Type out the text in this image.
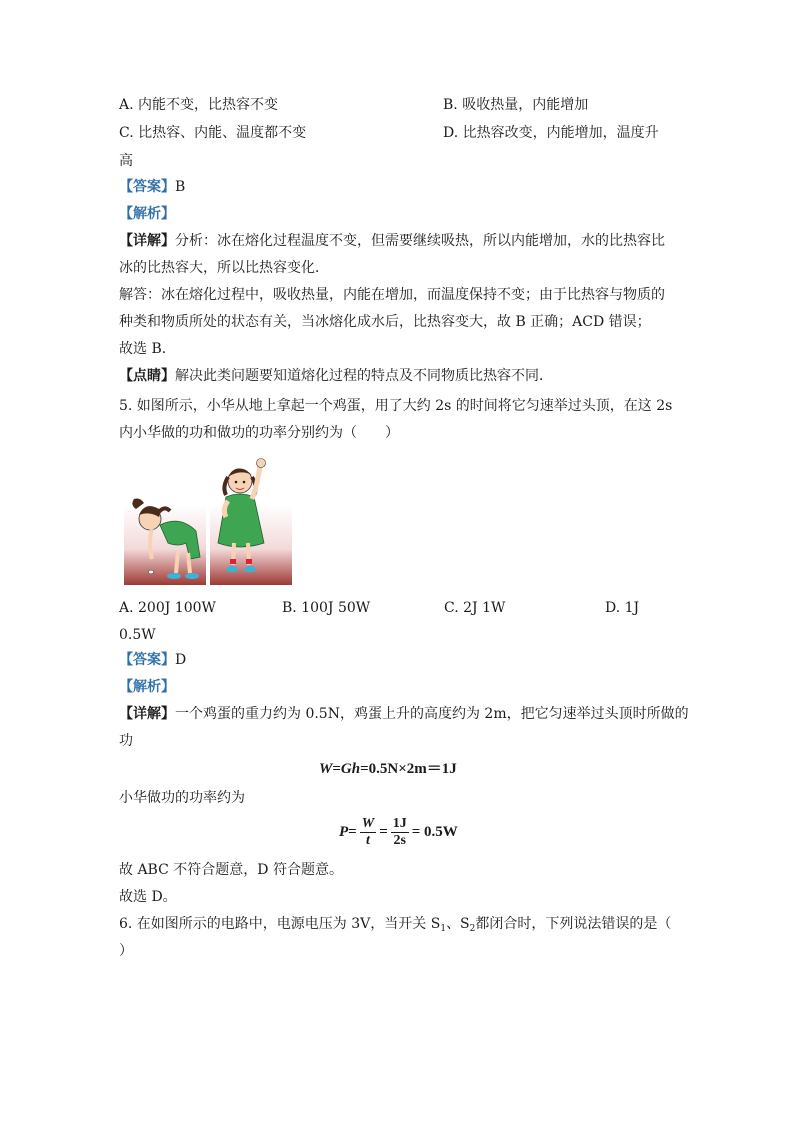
A. 内能不变，比热容不变	B. 吸收热量，内能增加
C. 比热容、内能、温度都不变	D. 比热容改变，内能增加，温度升
高
【答案】B
【解析】
【详解】分析：冰在熔化过程温度不变，但需要继续吸热，所以内能增加，水的比热容比
冰的比热容大，所以比热容变化．
解答：冰在熔化过程中，吸收热量，内能在增加，而温度保持不变；由于比热容与物质的
种类和物质所处的状态有关，当冰熔化成水后，比热容变大，故 B 正确；ACD 错误；
故选 B．
【点睛】解决此类问题要知道熔化过程的特点及不同物质比热容不同．
5. 如图所示，小华从地上拿起一个鸡蛋，用了大约 2s 的时间将它匀速举过头顶，在这 2s
内小华做的功和做功的功率分别约为（　　）
A. 200J 100W	B. 100J 50W	C. 2J 1W	D. 1J
0.5W
【答案】D
【解析】
【详解】一个鸡蛋的重力约为 0.5N，鸡蛋上升的高度约为 2m，把它匀速举过头顶时所做的
功
W=Gh=0.5N×2m＝1J
小华做功的功率约为
$P= \frac{W}{t} = \frac{1J}{2s} = 0.5W$
故 ABC 不符合题意，D 符合题意。
故选 D。
6. 在如图所示的电路中，电源电压为 3V，当开关 $S_1$、$S_2$都闭合时，下列说法错误的是（
）
